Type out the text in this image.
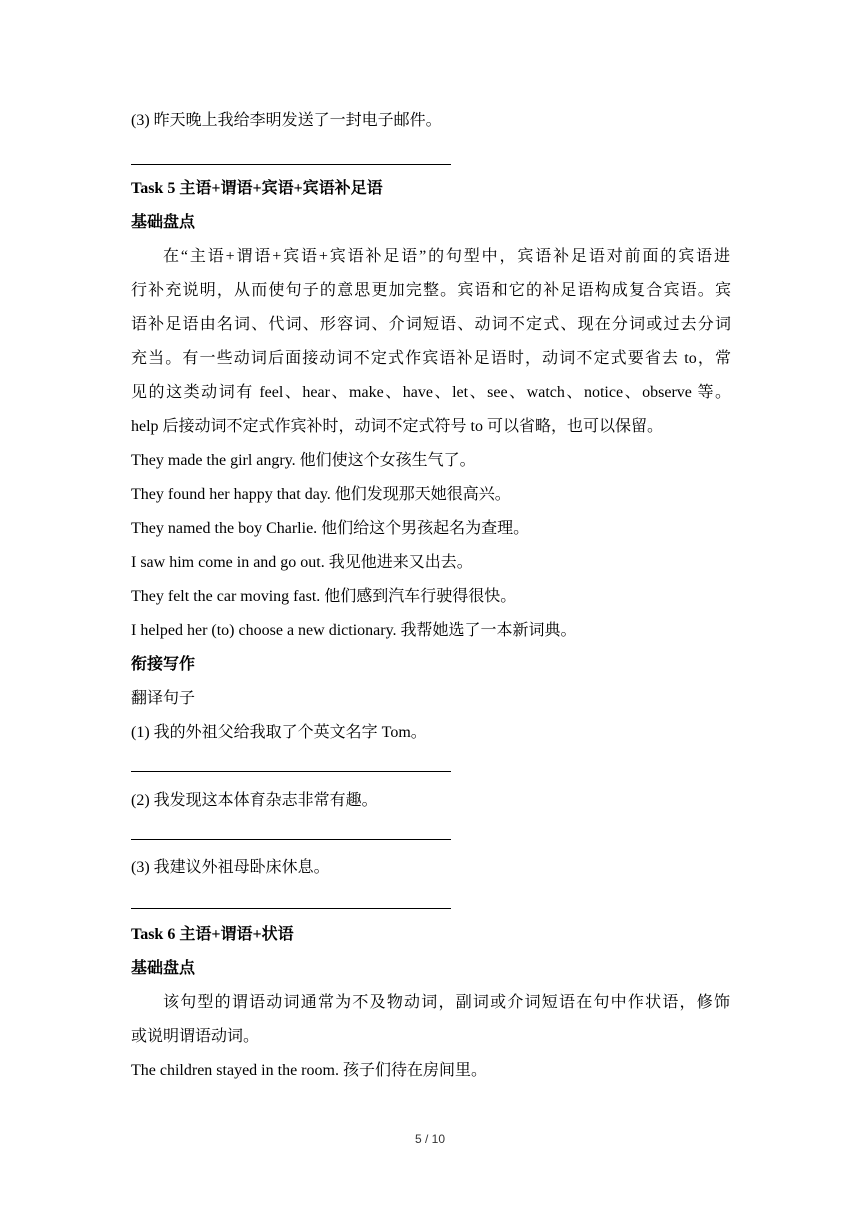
(3) 昨天晚上我给李明发送了一封电子邮件。
Task 5 主语+谓语+宾语+宾语补足语
基础盘点
在“主语+谓语+宾语+宾语补足语”的句型中，宾语补足语对前面的宾语进
行补充说明，从而使句子的意思更加完整。宾语和它的补足语构成复合宾语。宾
语补足语由名词、代词、形容词、介词短语、动词不定式、现在分词或过去分词
充当。有一些动词后面接动词不定式作宾语补足语时，动词不定式要省去 to，常
见的这类动词有 feel、hear、make、have、let、see、watch、notice、observe 等。
help 后接动词不定式作宾补时，动词不定式符号 to 可以省略，也可以保留。
They made the girl angry. 他们使这个女孩生气了。
They found her happy that day. 他们发现那天她很高兴。
They named the boy Charlie. 他们给这个男孩起名为查理。
I saw him come in and go out. 我见他进来又出去。
They felt the car moving fast. 他们感到汽车行驶得很快。
I helped her (to) choose a new dictionary. 我帮她选了一本新词典。
衔接写作
翻译句子
(1) 我的外祖父给我取了个英文名字 Tom。
(2) 我发现这本体育杂志非常有趣。
(3) 我建议外祖母卧床休息。
Task 6 主语+谓语+状语
基础盘点
该句型的谓语动词通常为不及物动词，副词或介词短语在句中作状语，修饰
或说明谓语动词。
The children stayed in the room. 孩子们待在房间里。
5 / 10
